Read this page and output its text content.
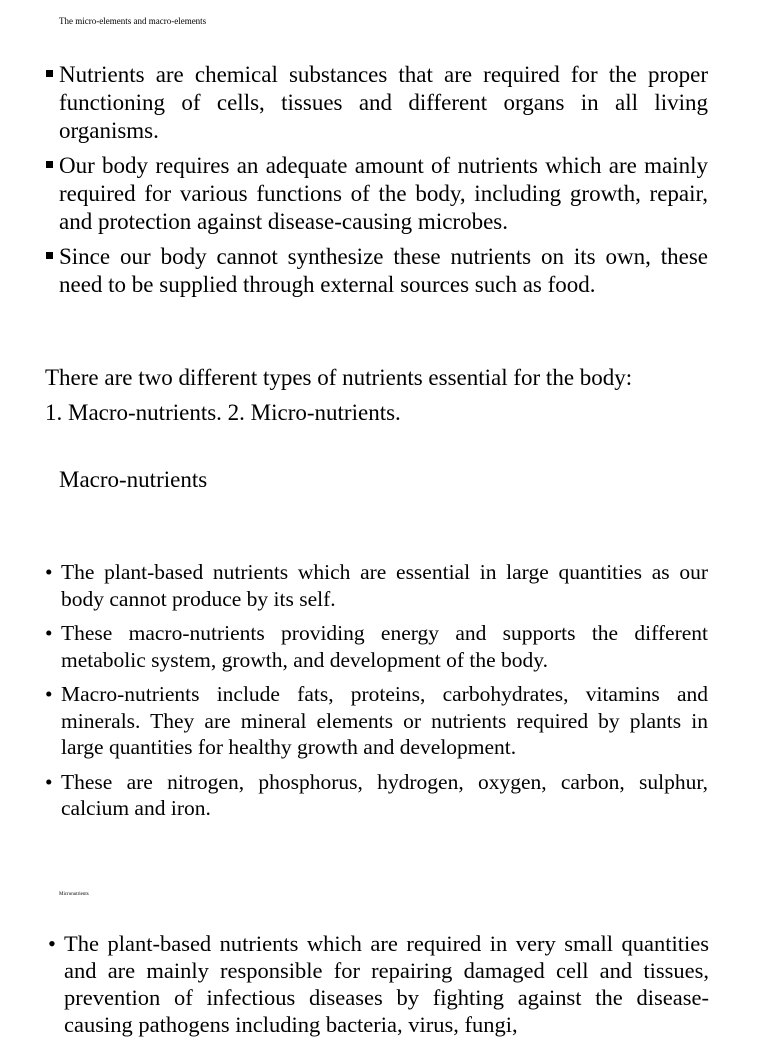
The micro-elements and macro-elements
Nutrients are chemical substances that are required for the proper functioning of cells, tissues and different organs in all living organisms.
Our body requires an adequate amount of nutrients which are mainly required for various functions of the body, including growth, repair, and protection against disease-causing microbes.
Since our body cannot synthesize these nutrients on its own, these need to be supplied through external sources such as food.
There are two different types of nutrients essential for the body:
1. Macro-nutrients. 2. Micro-nutrients.
Macro-nutrients
• The plant-based nutrients which are essential in large quantities as our body cannot produce by its self.
• These macro-nutrients providing energy and supports the different metabolic system, growth, and development of the body.
• Macro-nutrients include fats, proteins, carbohydrates, vitamins and minerals. They are mineral elements or nutrients required by plants in large quantities for healthy growth and development.
• These are nitrogen, phosphorus, hydrogen, oxygen, carbon, sulphur, calcium and iron.
Micronutrients
• The plant-based nutrients which are required in very small quantities and are mainly responsible for repairing damaged cell and tissues, prevention of infectious diseases by fighting against the disease-causing pathogens including bacteria, virus, fungi,
